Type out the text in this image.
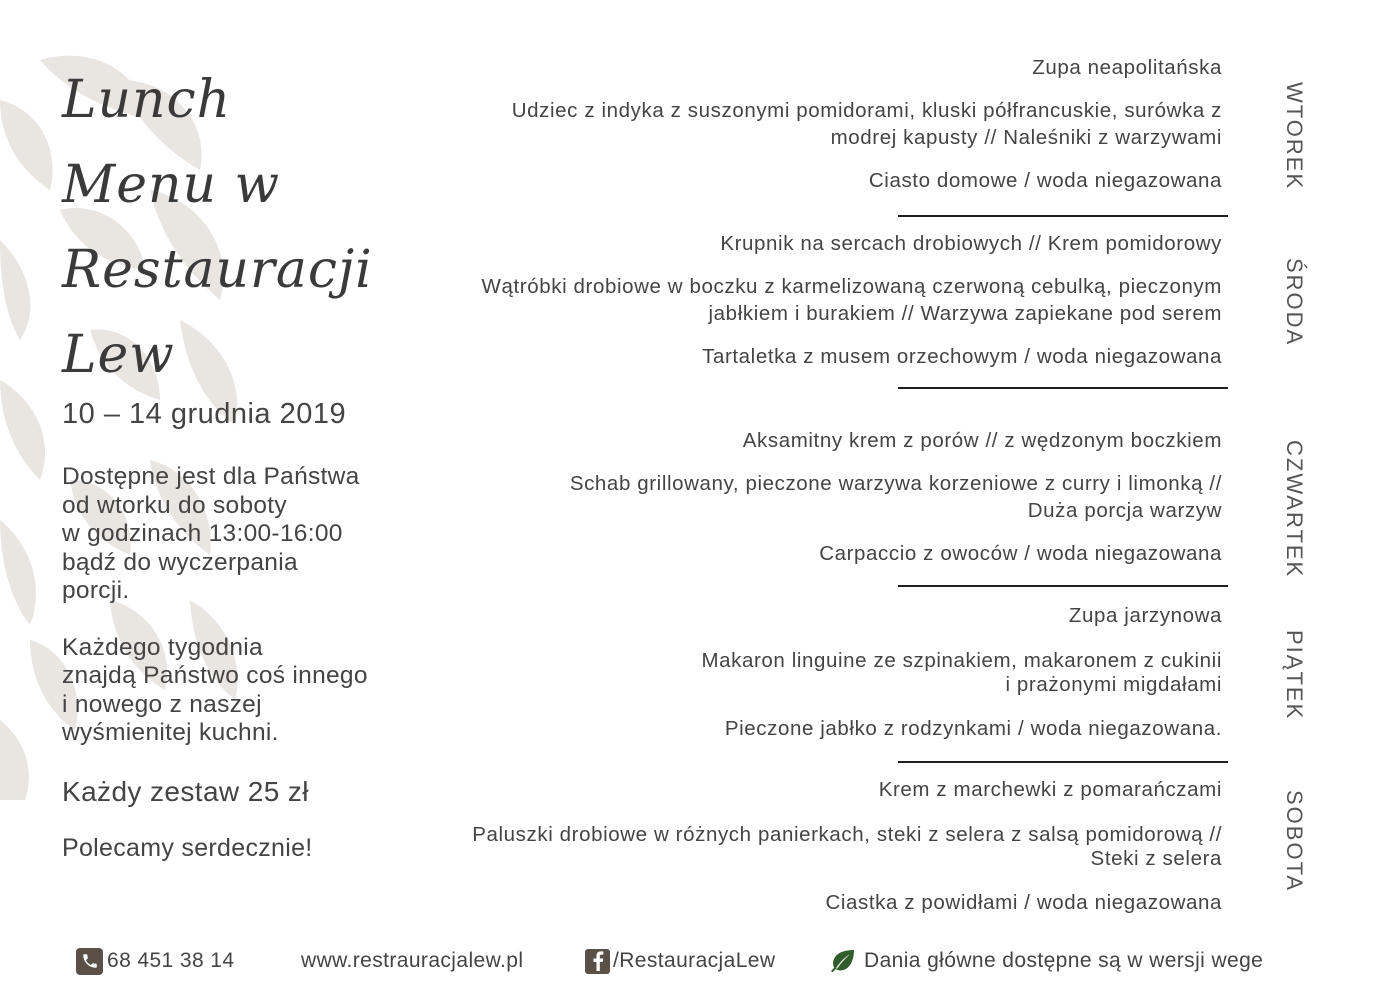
Lunch
Menu w
Restauracji
Lew
10 – 14 grudnia 2019
Dostępne jest dla Państwa
od wtorku do soboty
w godzinach 13:00-16:00
bądź do wyczerpania
porcji.
Każdego tygodnia
znajdą Państwo coś innego
i nowego z naszej
wyśmienitej kuchni.
Każdy zestaw 25 zł
Polecamy serdecznie!
Zupa neapolitańska
Udziec z indyka z suszonymi pomidorami, kluski półfrancuskie, surówka z
modrej kapusty // Naleśniki z warzywami
Ciasto domowe / woda niegazowana	WTOREK
Krupnik na sercach drobiowych // Krem pomidorowy
Wątróbki drobiowe w boczku z karmelizowaną czerwoną cebulką, pieczonym
jabłkiem i burakiem // Warzywa zapiekane pod serem
Tartaletka z musem orzechowym / woda niegazowana
ŚRODA
Aksamitny krem z porów // z wędzonym boczkiem
Schab grillowany, pieczone warzywa korzeniowe z curry i limonką //
Duża porcja warzyw
Carpaccio z owoców / woda niegazowana	CZWARTEK
Zupa jarzynowa
Makaron linguine ze szpinakiem, makaronem z cukinii
i prażonymi migdałami
Pieczone jabłko z rodzynkami / woda niegazowana.
PIĄTEK
Krem z marchewki z pomarańczami
Paluszki drobiowe w różnych panierkach, steki z selera z salsą pomidorową //
Steki z selera
Ciastka z powidłami / woda niegazowana
SOBOTA
68 451 38 14	www.restrauracjalew.pl	/RestauracjaLew	Dania główne dostępne są w wersji wege
